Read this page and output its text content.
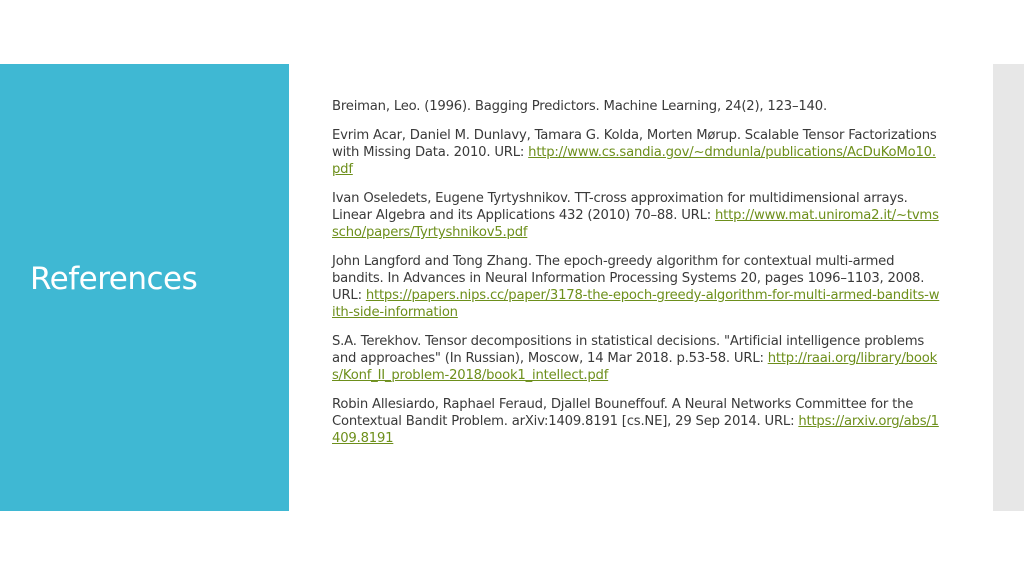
References
Breiman, Leo. (1996). Bagging Predictors. Machine Learning, 24(2), 123–140.
Evrim Acar, Daniel M. Dunlavy, Tamara G. Kolda, Morten Mørup. Scalable Tensor Factorizations with Missing Data. 2010. URL: http://www.cs.sandia.gov/~dmdunla/publications/AcDuKoMo10.pdf
Ivan Oseledets, Eugene Tyrtyshnikov. TT-cross approximation for multidimensional arrays. Linear Algebra and its Applications 432 (2010) 70–88. URL: http://www.mat.uniroma2.it/~tvmsscho/papers/Tyrtyshnikov5.pdf
John Langford and Tong Zhang. The epoch-greedy algorithm for contextual multi-armed bandits. In Advances in Neural Information Processing Systems 20, pages 1096–1103, 2008. URL: https://papers.nips.cc/paper/3178-the-epoch-greedy-algorithm-for-multi-armed-bandits-with-side-information
S.A. Terekhov. Tensor decompositions in statistical decisions. "Artificial intelligence problems and approaches" (In Russian), Moscow, 14 Mar 2018. p.53-58. URL: http://raai.org/library/books/Konf_II_problem-2018/book1_intellect.pdf
Robin Allesiardo, Raphael Feraud, Djallel Bouneffouf. A Neural Networks Committee for the Contextual Bandit Problem. arXiv:1409.8191 [cs.NE], 29 Sep 2014. URL: https://arxiv.org/abs/1409.8191
